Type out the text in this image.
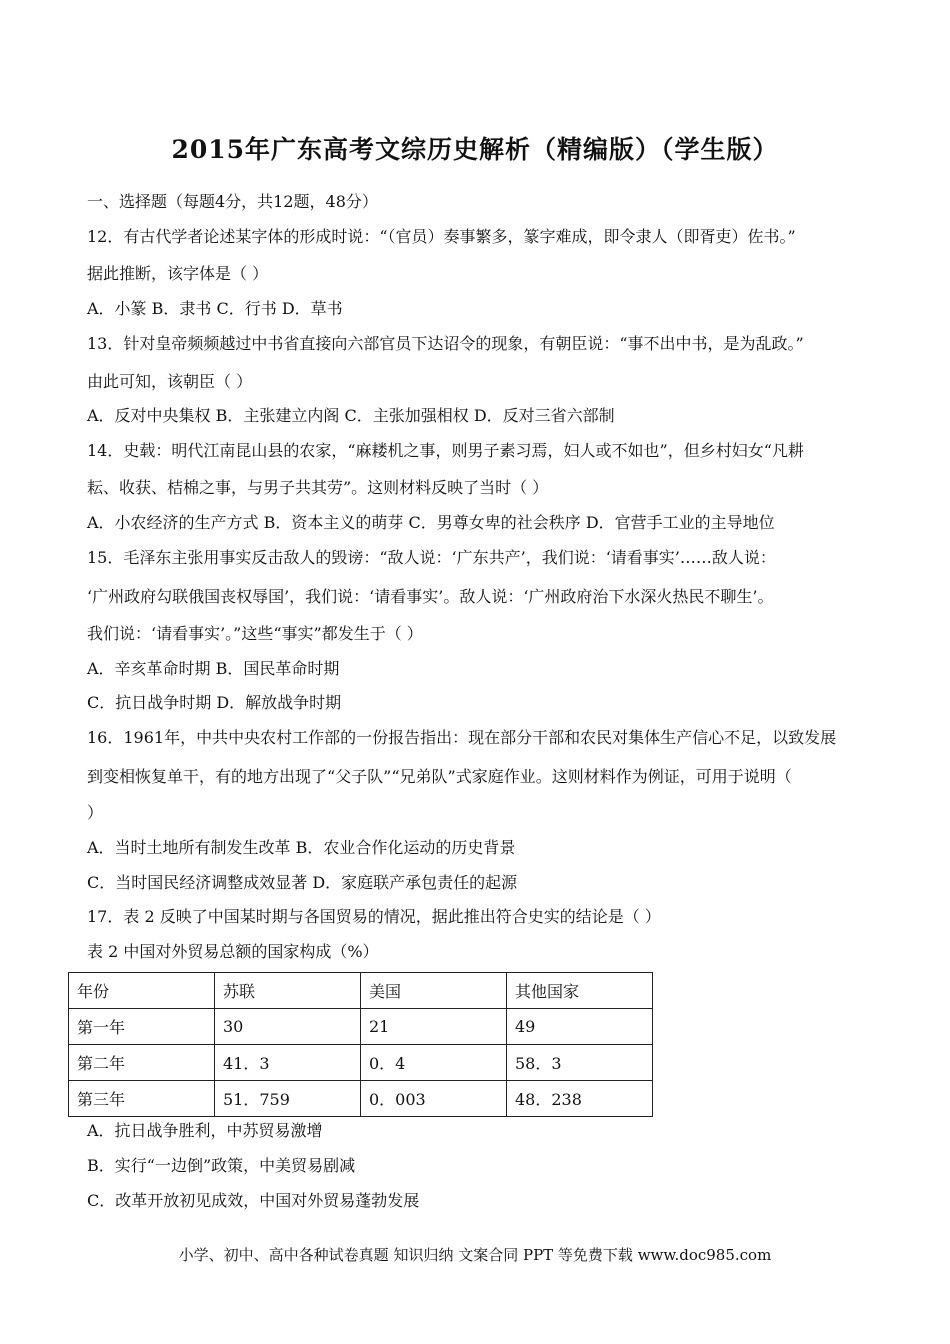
2015年广东高考文综历史解析（精编版）（学生版）
一、选择题（每题4分，共12题，48分）
12．有古代学者论述某字体的形成时说：“（官员）奏事繁多，篆字难成，即令隶人（即胥吏）佐书。”
据此推断，该字体是（ ）
A．小篆 B．隶书 C．行书 D．草书
13．针对皇帝频频越过中书省直接向六部官员下达诏令的现象，有朝臣说：“事不出中书，是为乱政。”
由此可知，该朝臣（ ）
A．反对中央集权 B．主张建立内阁 C．主张加强相权 D．反对三省六部制
14．史载：明代江南昆山县的农家，“麻耧机之事，则男子素习焉，妇人或不如也”，但乡村妇女“凡耕
耘、收获、桔棉之事，与男子共其劳”。这则材料反映了当时（ ）
A．小农经济的生产方式 B．资本主义的萌芽 C．男尊女卑的社会秩序 D．官营手工业的主导地位
15．毛泽东主张用事实反击敌人的毁谤：“敌人说：‘广东共产’，我们说：‘请看事实’……敌人说：
‘广州政府勾联俄国丧权辱国’，我们说：‘请看事实’。敌人说：‘广州政府治下水深火热民不聊生’。
我们说：‘请看事实’。”这些“事实”都发生于（ ）
A．辛亥革命时期 B．国民革命时期
C．抗日战争时期 D．解放战争时期
16．1961年，中共中央农村工作部的一份报告指出：现在部分干部和农民对集体生产信心不足，以致发展
到变相恢复单干，有的地方出现了“父子队”“兄弟队”式家庭作业。这则材料作为例证，可用于说明（
）
A．当时土地所有制发生改革 B．农业合作化运动的历史背景
C．当时国民经济调整成效显著 D．家庭联产承包责任的起源
17．表 2 反映了中国某时期与各国贸易的情况，据此推出符合史实的结论是（ ）
表 2 中国对外贸易总额的国家构成（%）
年份	苏联	美国	其他国家
第一年	30	21	49
第二年	41．3	0．4	58．3
第三年	51．759	0．003	48．238
A．抗日战争胜利，中苏贸易激增
B．实行“一边倒”政策，中美贸易剧减
C．改革开放初见成效，中国对外贸易蓬勃发展
小学、初中、高中各种试卷真题 知识归纳 文案合同 PPT 等免费下载 www.doc985.com
